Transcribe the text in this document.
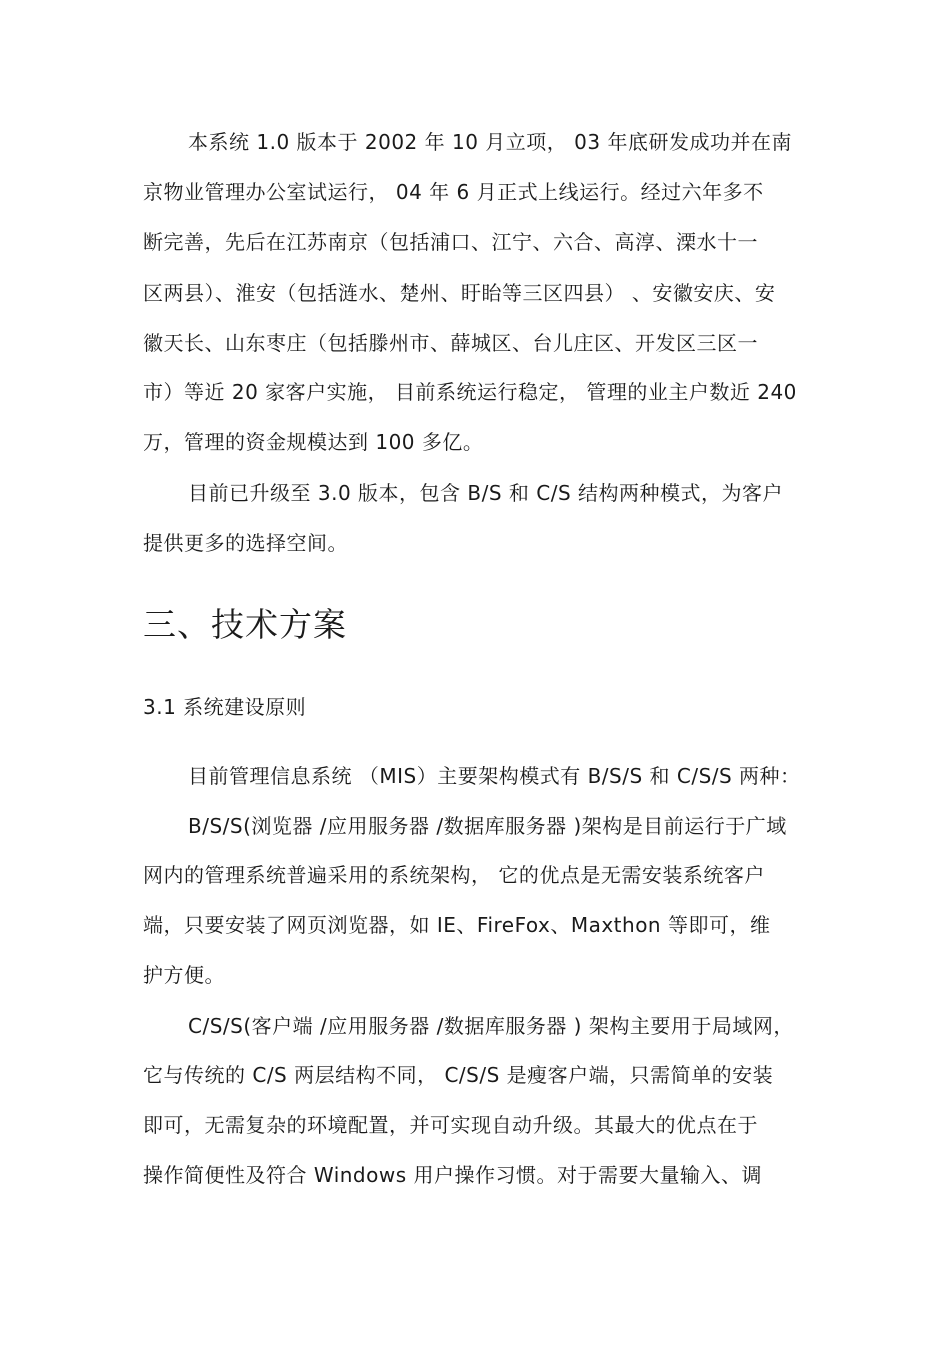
本系统 1.0 版本于 2002 年 10 月立项， 03 年底研发成功并在南
京物业管理办公室试运行， 04 年 6 月正式上线运行。经过六年多不
断完善，先后在江苏南京（包括浦口、江宁、六合、高淳、溧水十一
区两县）、淮安（包括涟水、楚州、盱眙等三区四县） 、安徽安庆、安
徽天长、山东枣庄（包括滕州市、薛城区、台儿庄区、开发区三区一
市）等近 20 家客户实施， 目前系统运行稳定， 管理的业主户数近 240
万，管理的资金规模达到 100 多亿。
目前已升级至 3.0 版本，包含 B/S 和 C/S 结构两种模式，为客户
提供更多的选择空间。
三、技术方案
3.1 系统建设原则
目前管理信息系统 （MIS）主要架构模式有 B/S/S 和 C/S/S 两种：
B/S/S(浏览器 /应用服务器 /数据库服务器 )架构是目前运行于广域
网内的管理系统普遍采用的系统架构， 它的优点是无需安装系统客户
端，只要安装了网页浏览器，如 IE、FireFox、Maxthon 等即可，维
护方便。
C/S/S(客户端 /应用服务器 /数据库服务器 ) 架构主要用于局域网，
它与传统的 C/S 两层结构不同， C/S/S 是瘦客户端，只需简单的安装
即可，无需复杂的环境配置，并可实现自动升级。其最大的优点在于
操作简便性及符合 Windows 用户操作习惯。对于需要大量输入、调
